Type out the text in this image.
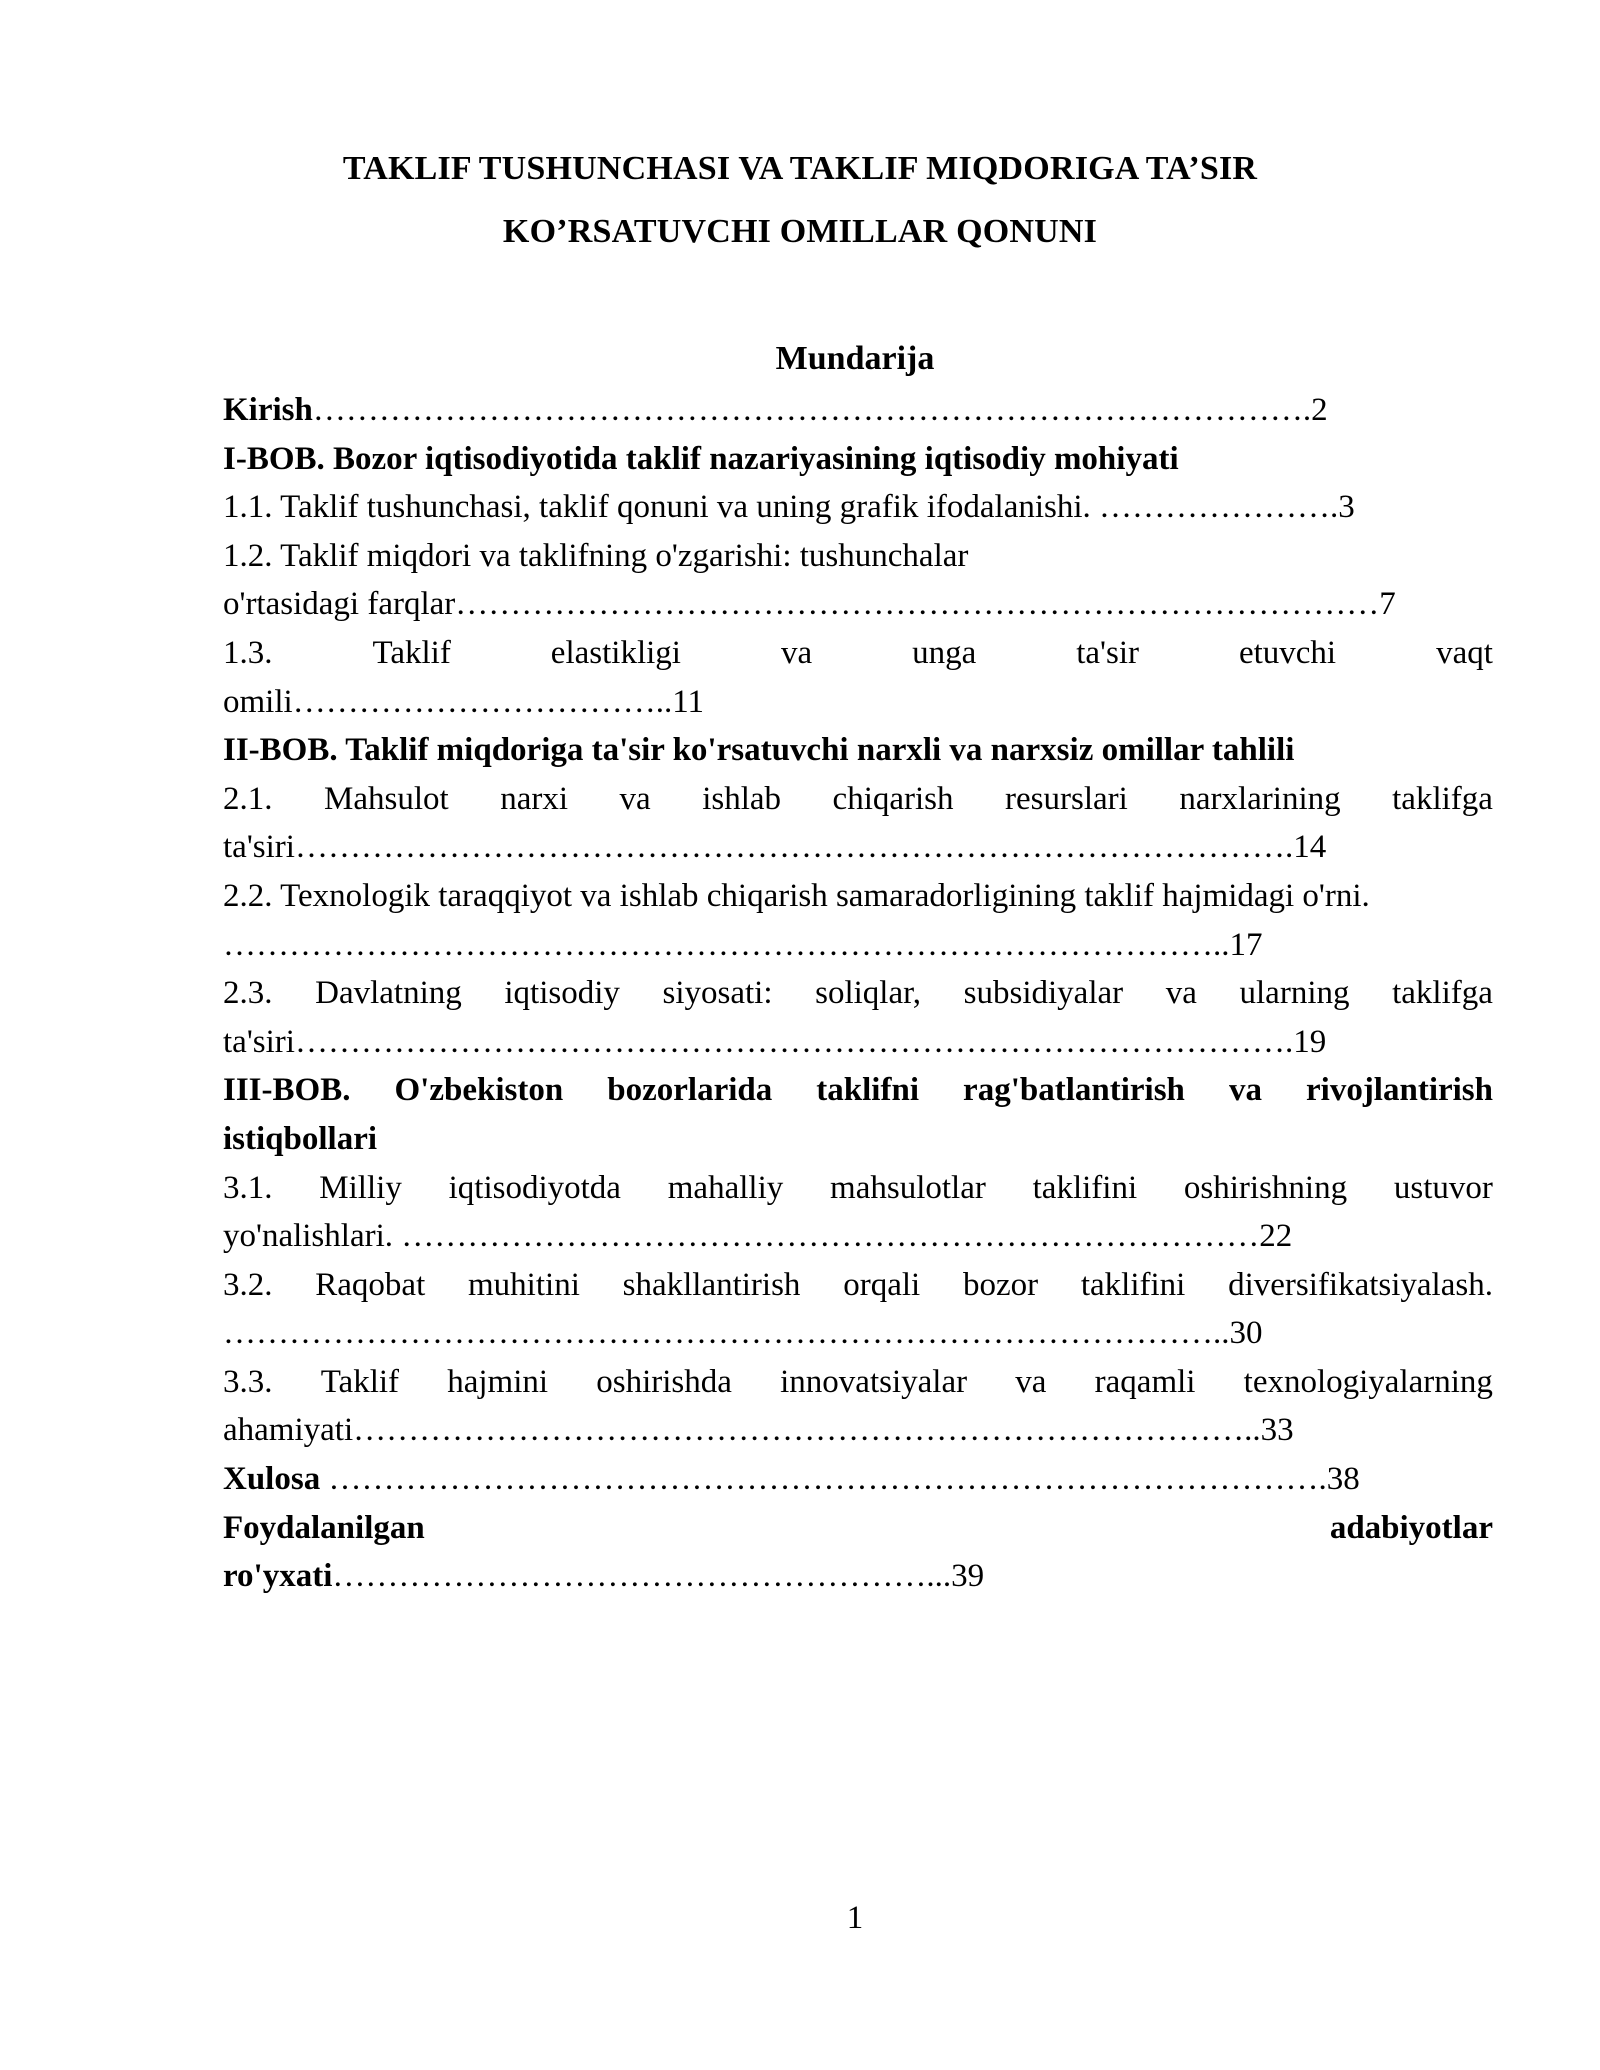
TAKLIF TUSHUNCHASI VA TAKLIF MIQDORIGA TA’SIR
KO’RSATUVCHI OMILLAR QONUNI
Mundarija
Kirish……………………………………………………………………………….2
I-BOB. Bozor iqtisodiyotida taklif nazariyasining iqtisodiy mohiyati
1.1. Taklif tushunchasi, taklif qonuni va uning grafik ifodalanishi. ………………….3
1.2. Taklif miqdori va taklifning o'zgarishi: tushunchalar
o'rtasidagi farqlar…………………………………………………………………………7
1.3.	Taklif	elastikligi	va	unga	ta'sir	etuvchi	vaqt
omili……………………………..11
II-BOB. Taklif miqdoriga ta'sir ko'rsatuvchi narxli va narxsiz omillar tahlili
2.1. Mahsulot narxi va ishlab chiqarish resurslari narxlarining taklifga
ta'siri……………………………………………………………………………….14
2.2. Texnologik taraqqiyot va ishlab chiqarish samaradorligining taklif hajmidagi o'rni.
………………………………………………………………………………..17
2.3. Davlatning iqtisodiy siyosati: soliqlar, subsidiyalar va ularning taklifga
ta'siri……………………………………………………………………………….19
III-BOB. O'zbekiston bozorlarida taklifni rag'batlantirish va rivojlantirish
istiqbollari
3.1. Milliy iqtisodiyotda mahalliy mahsulotlar taklifini oshirishning ustuvor
yo'nalishlari. ……………………………………………………………………22
3.2. Raqobat muhitini shakllantirish orqali bozor taklifini diversifikatsiyalash.
………………………………………………………………………………..30
3.3. Taklif hajmini oshirishda innovatsiyalar va raqamli texnologiyalarning
ahamiyati………………………………………………………………………..33
Xulosa ……………………………………………………………………………….38
Foydalanilgan	adabiyotlar
ro'yxati………………………………………………...39
1
